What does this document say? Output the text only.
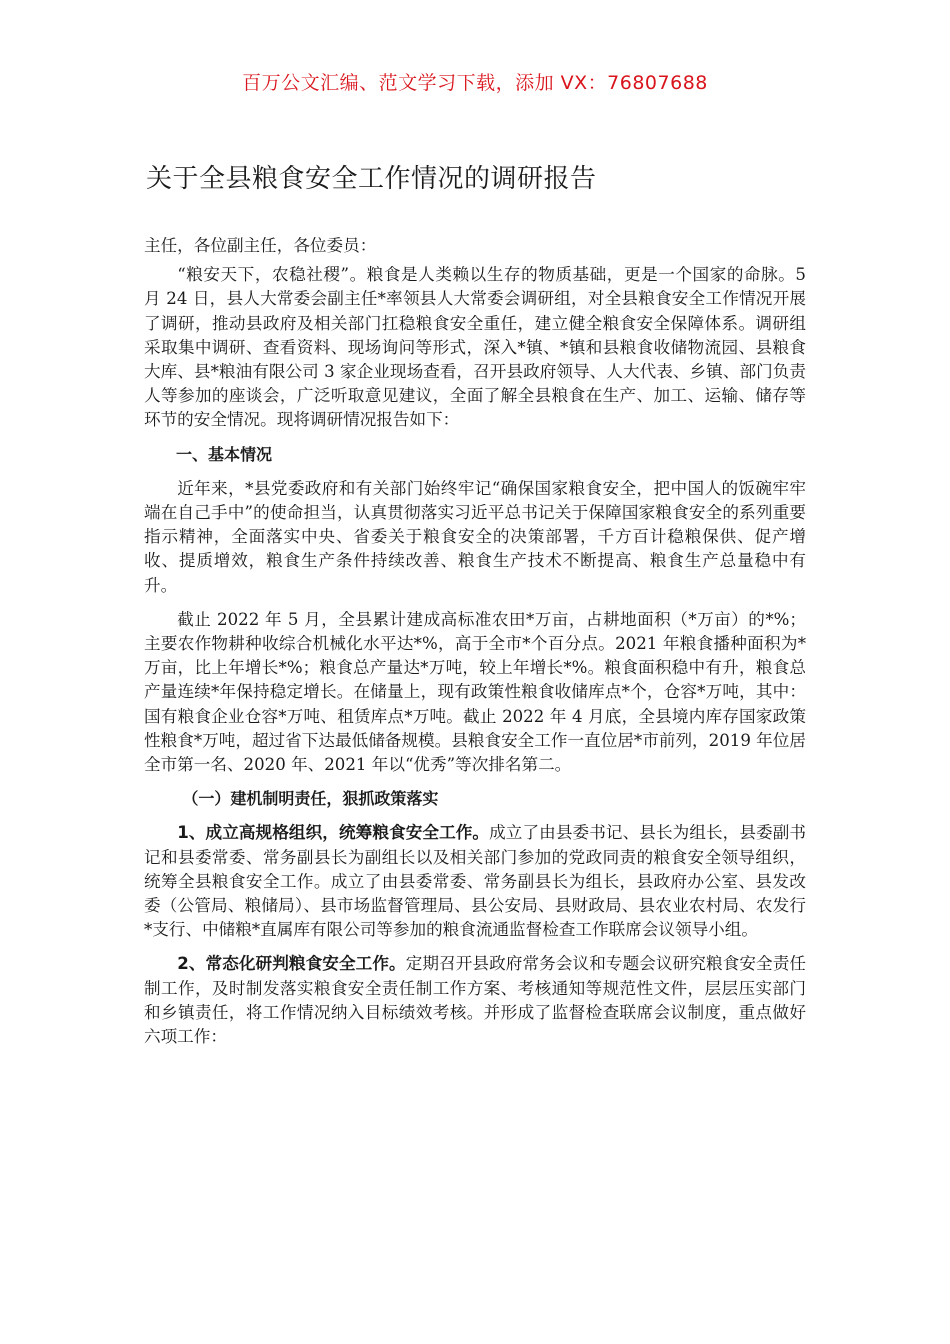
百万公文汇编、范文学习下载，添加 VX：76807688
关于全县粮食安全工作情况的调研报告

主任，各位副主任，各位委员：

“粮安天下，农稳社稷”。粮食是人类赖以生存的物质基础，更是一个国家的命脉。5 月 24 日，县人大常委会副主任*率领县人大常委会调研组，对全县粮食安全工作情况开展了调研，推动县政府及相关部门扛稳粮食安全重任，建立健全粮食安全保障体系。调研组采取集中调研、查看资料、现场询问等形式，深入*镇、*镇和县粮食收储物流园、县粮食大库、县*粮油有限公司 3 家企业现场查看，召开县政府领导、人大代表、乡镇、部门负责人等参加的座谈会，广泛听取意见建议，全面了解全县粮食在生产、加工、运输、储存等环节的安全情况。现将调研情况报告如下：

一、基本情况

近年来，*县党委政府和有关部门始终牢记“确保国家粮食安全，把中国人的饭碗牢牢端在自己手中”的使命担当，认真贯彻落实习近平总书记关于保障国家粮食安全的系列重要指示精神，全面落实中央、省委关于粮食安全的决策部署，千方百计稳粮保供、促产增收、提质增效，粮食生产条件持续改善、粮食生产技术不断提高、粮食生产总量稳中有升。

截止 2022 年 5 月，全县累计建成高标准农田*万亩，占耕地面积（*万亩）的*%；主要农作物耕种收综合机械化水平达*%，高于全市*个百分点。2021 年粮食播种面积为*万亩，比上年增长*%；粮食总产量达*万吨，较上年增长*%。粮食面积稳中有升，粮食总产量连续*年保持稳定增长。在储量上，现有政策性粮食收储库点*个，仓容*万吨，其中：国有粮食企业仓容*万吨、租赁库点*万吨。截止 2022 年 4 月底，全县境内库存国家政策性粮食*万吨，超过省下达最低储备规模。县粮食安全工作一直位居*市前列，2019 年位居全市第一名、2020 年、2021 年以“优秀”等次排名第二。

（一）建机制明责任，狠抓政策落实

1、成立高规格组织，统筹粮食安全工作。成立了由县委书记、县长为组长，县委副书记和县委常委、常务副县长为副组长以及相关部门参加的党政同责的粮食安全领导组织，统筹全县粮食安全工作。成立了由县委常委、常务副县长为组长，县政府办公室、县发改委（公管局、粮储局）、县市场监督管理局、县公安局、县财政局、县农业农村局、农发行*支行、中储粮*直属库有限公司等参加的粮食流通监督检查工作联席会议领导小组。

2、常态化研判粮食安全工作。定期召开县政府常务会议和专题会议研究粮食安全责任制工作，及时制发落实粮食安全责任制工作方案、考核通知等规范性文件，层层压实部门和乡镇责任，将工作情况纳入目标绩效考核。并形成了监督检查联席会议制度，重点做好六项工作：
